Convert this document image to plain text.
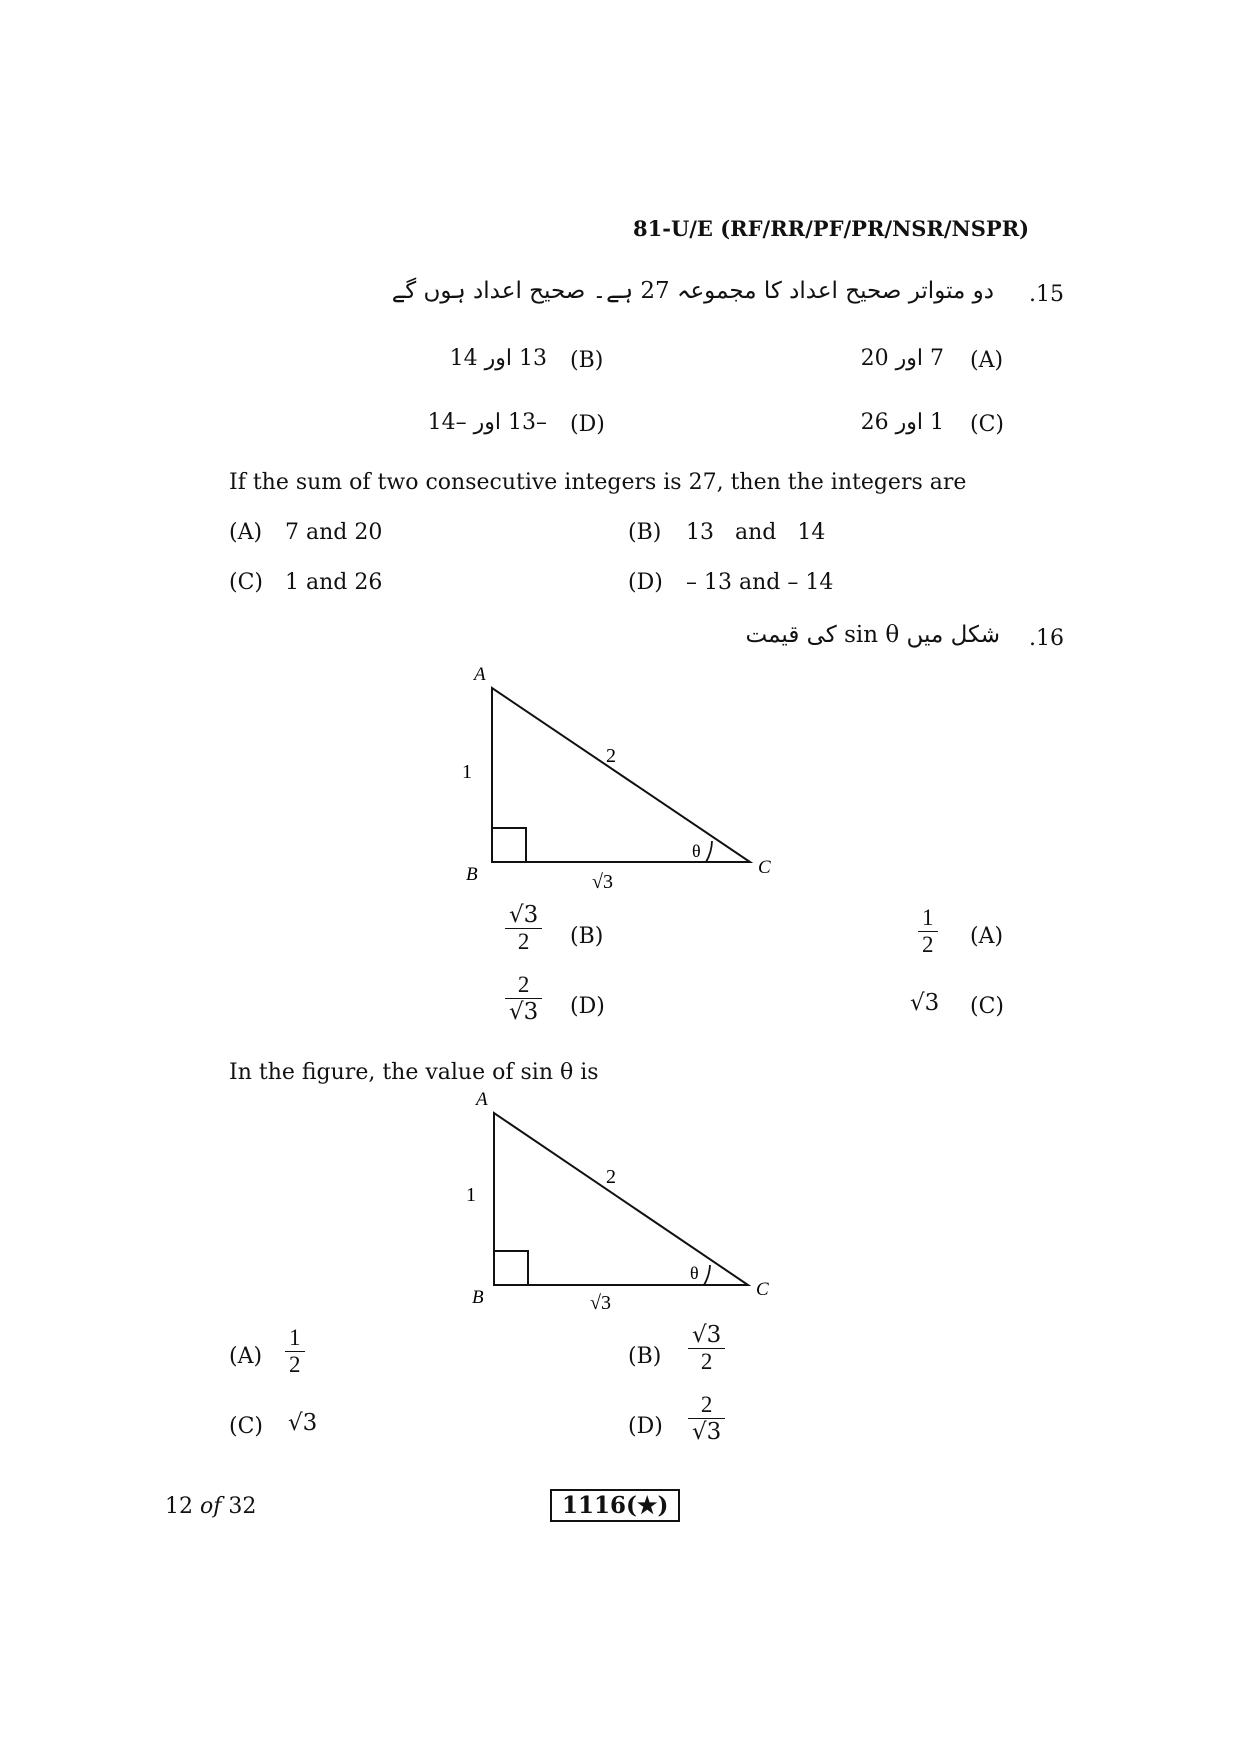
81-U/E (RF/RR/PF/PR/NSR/NSPR)
.15
دو متواتر صحیح اعداد کا مجموعہ 27 ہے۔ صحیح اعداد ہوں گے
(A)
7 اور 20
(B)
13 اور 14
(C)
1 اور 26
(D)
–13 اور –14
If the sum of two consecutive integers is 27, then the integers are
(A) 7 and 20	(B) 13   and   14
(C) 1 and 26	(D) – 13 and – 14
.16
شکل میں sin θ کی قیمت
A
B	C
1
2
√3
θ
(A)
$\frac{1}{2}$
(B)
$\frac{√3}{2}$
(C)
√3
(D)
$\frac{2}{√3}$
In the figure, the value of sin θ is
A
B	C
1
2
√3
θ
$(A) \frac{1}{2}$	$(B) \frac{√3}{2}$
(C) √3	$(D) \frac{2}{√3}$
12 of 32	1116(★)
